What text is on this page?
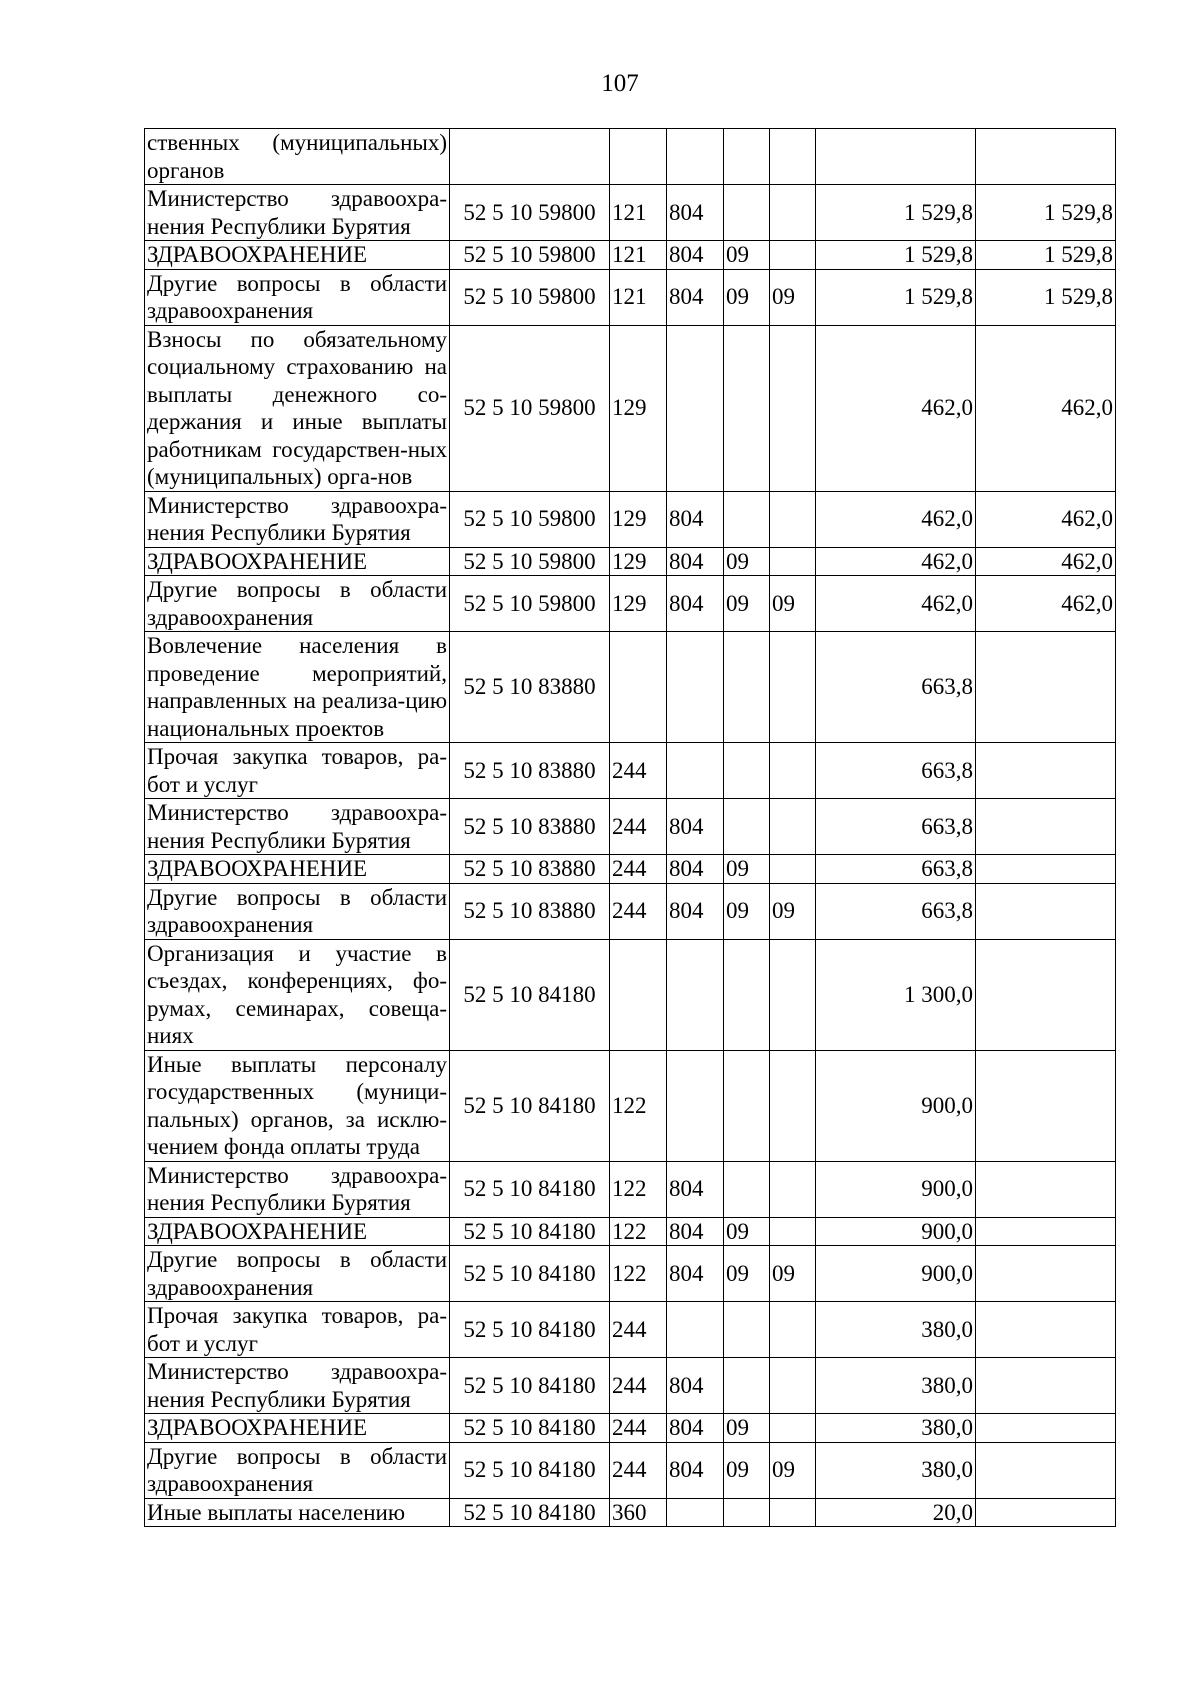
107
ственных (муниципальных) органов							
Министерство здравоохра-нения Республики Бурятия	52 5 10 59800	121	804			1 529,8	1 529,8
ЗДРАВООХРАНЕНИЕ	52 5 10 59800	121	804	09		1 529,8	1 529,8
Другие вопросы в области здравоохранения	52 5 10 59800	121	804	09	09	1 529,8	1 529,8
Взносы по обязательному социальному страхованию на выплаты денежного со-держания и иные выплаты работникам государствен-ных (муниципальных) орга-нов	52 5 10 59800	129				462,0	462,0
Министерство здравоохра-нения Республики Бурятия	52 5 10 59800	129	804			462,0	462,0
ЗДРАВООХРАНЕНИЕ	52 5 10 59800	129	804	09		462,0	462,0
Другие вопросы в области здравоохранения	52 5 10 59800	129	804	09	09	462,0	462,0
Вовлечение населения в проведение мероприятий, направленных на реализа-цию национальных проектов	52 5 10 83880					663,8	
Прочая закупка товаров, ра-бот и услуг	52 5 10 83880	244				663,8	
Министерство здравоохра-нения Республики Бурятия	52 5 10 83880	244	804			663,8	
ЗДРАВООХРАНЕНИЕ	52 5 10 83880	244	804	09		663,8	
Другие вопросы в области здравоохранения	52 5 10 83880	244	804	09	09	663,8	
Организация и участие в съездах, конференциях, фо-румах, семинарах, совеща-ниях	52 5 10 84180					1 300,0	
Иные выплаты персоналу государственных (муници-пальных) органов, за исклю-чением фонда оплаты труда	52 5 10 84180	122				900,0	
Министерство здравоохра-нения Республики Бурятия	52 5 10 84180	122	804			900,0	
ЗДРАВООХРАНЕНИЕ	52 5 10 84180	122	804	09		900,0	
Другие вопросы в области здравоохранения	52 5 10 84180	122	804	09	09	900,0	
Прочая закупка товаров, ра-бот и услуг	52 5 10 84180	244				380,0	
Министерство здравоохра-нения Республики Бурятия	52 5 10 84180	244	804			380,0	
ЗДРАВООХРАНЕНИЕ	52 5 10 84180	244	804	09		380,0	
Другие вопросы в области здравоохранения	52 5 10 84180	244	804	09	09	380,0	
Иные выплаты населению	52 5 10 84180	360				20,0	
